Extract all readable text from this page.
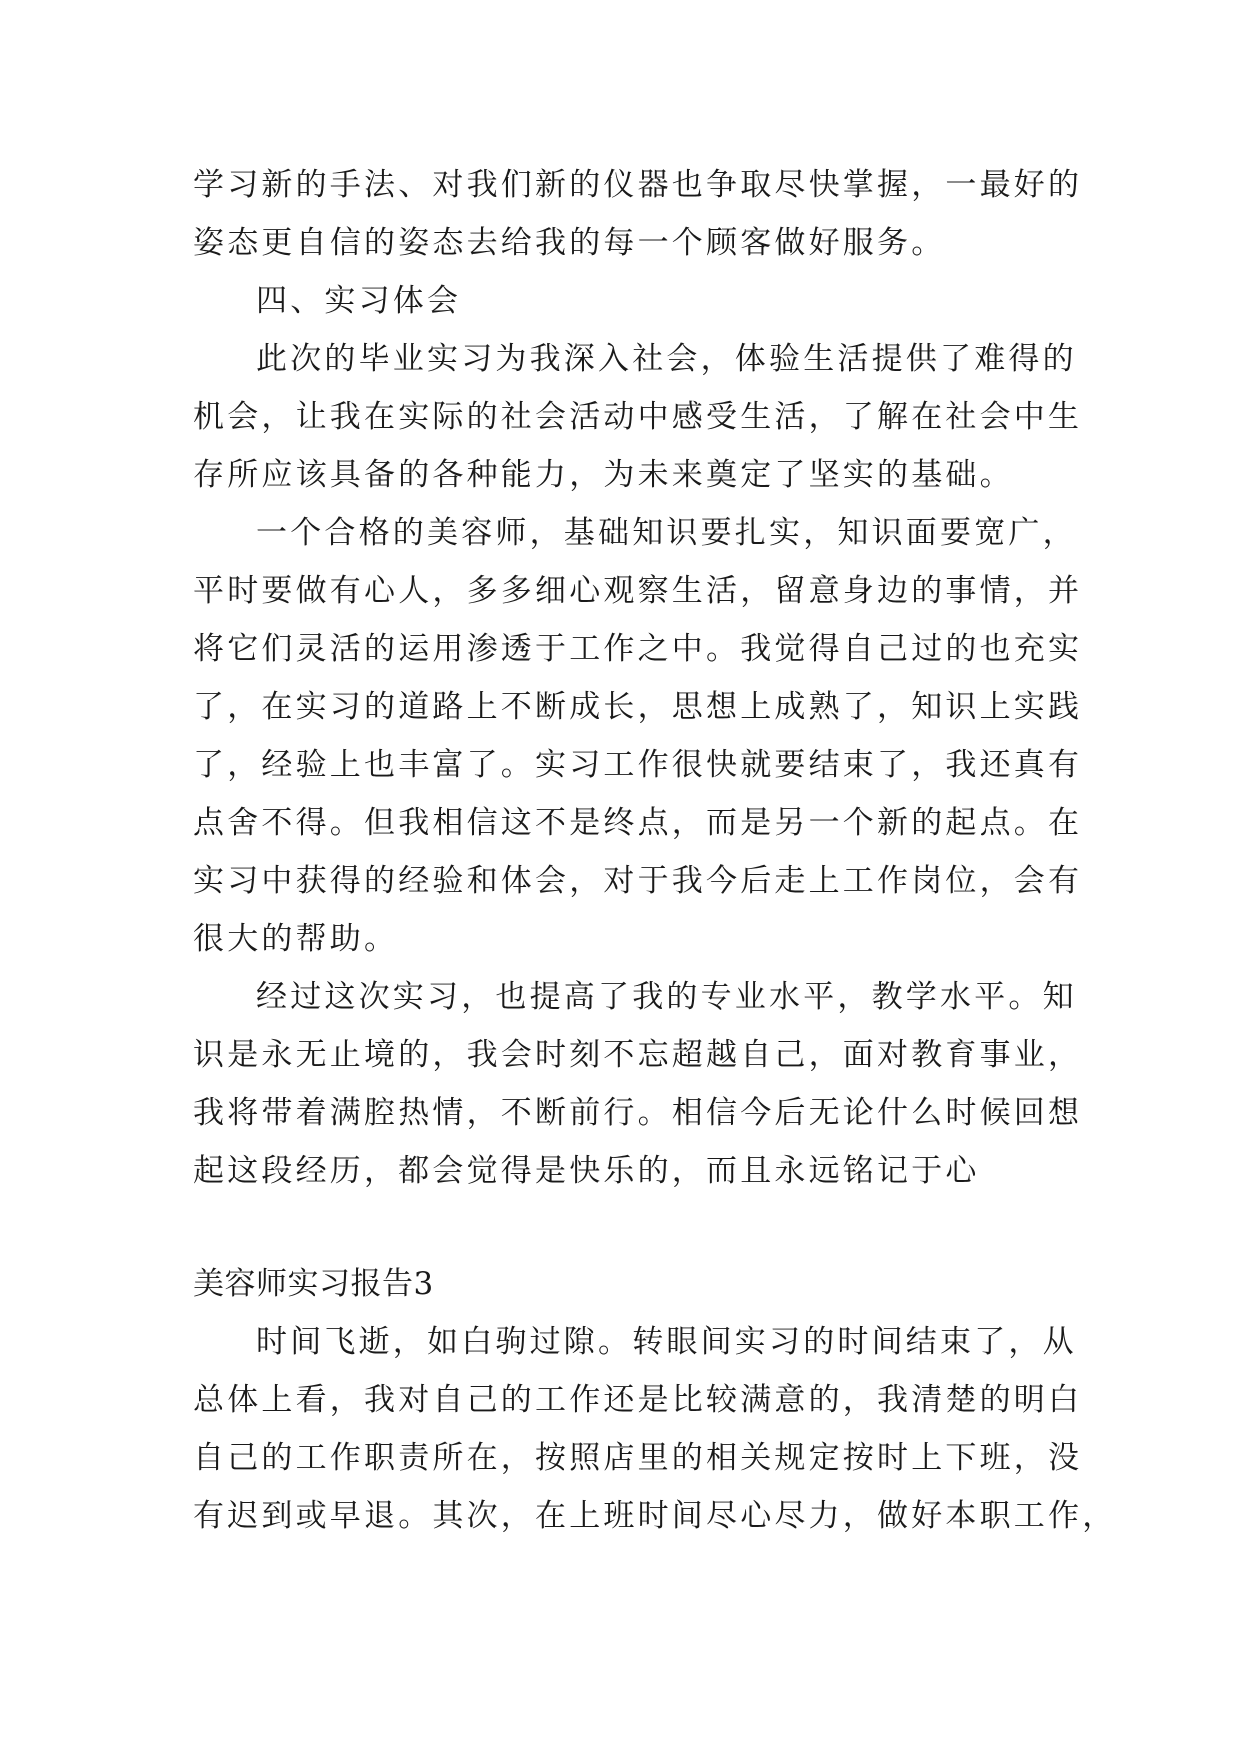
学习新的手法、对我们新的仪器也争取尽快掌握，一最好的
姿态更自信的姿态去给我的每一个顾客做好服务。
四、实习体会
此次的毕业实习为我深入社会，体验生活提供了难得的
机会，让我在实际的社会活动中感受生活，了解在社会中生
存所应该具备的各种能力，为未来奠定了坚实的基础。
一个合格的美容师，基础知识要扎实，知识面要宽广，
平时要做有心人，多多细心观察生活，留意身边的事情，并
将它们灵活的运用渗透于工作之中。我觉得自己过的也充实
了，在实习的道路上不断成长，思想上成熟了，知识上实践
了，经验上也丰富了。实习工作很快就要结束了，我还真有
点舍不得。但我相信这不是终点，而是另一个新的起点。在
实习中获得的经验和体会，对于我今后走上工作岗位，会有
很大的帮助。
经过这次实习，也提高了我的专业水平，教学水平。知
识是永无止境的，我会时刻不忘超越自己，面对教育事业，
我将带着满腔热情，不断前行。相信今后无论什么时候回想
起这段经历，都会觉得是快乐的，而且永远铭记于心
美容师实习报告3
时间飞逝，如白驹过隙。转眼间实习的时间结束了，从
总体上看，我对自己的工作还是比较满意的，我清楚的明白
自己的工作职责所在，按照店里的相关规定按时上下班，没
有迟到或早退。其次，在上班时间尽心尽力，做好本职工作，
